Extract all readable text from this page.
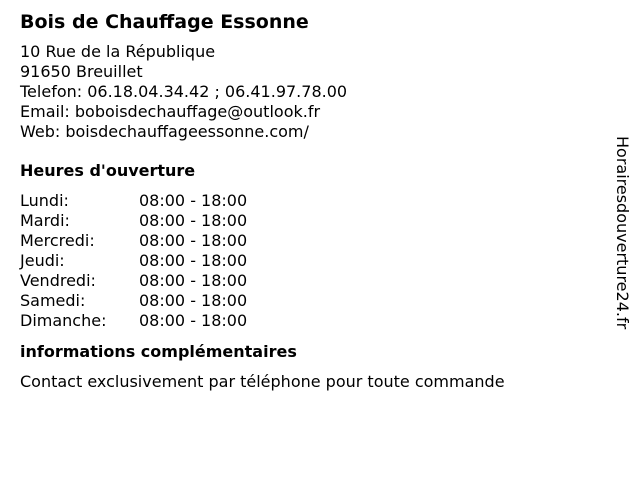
Bois de Chauffage Essonne
10 Rue de la République
91650 Breuillet
Telefon: 06.18.04.34.42 ; 06.41.97.78.00
Email: boboisdechauffage@outlook.fr
Web: boisdechauffageessonne.com/
Heures d'ouverture
Lundi:	08:00 - 18:00
Mardi:	08:00 - 18:00
Mercredi:	08:00 - 18:00
Jeudi:	08:00 - 18:00
Vendredi:	08:00 - 18:00
Samedi:	08:00 - 18:00
Dimanche:	08:00 - 18:00
informations complémentaires
Contact exclusivement par téléphone pour toute commande
Horairesdouverture24.fr
